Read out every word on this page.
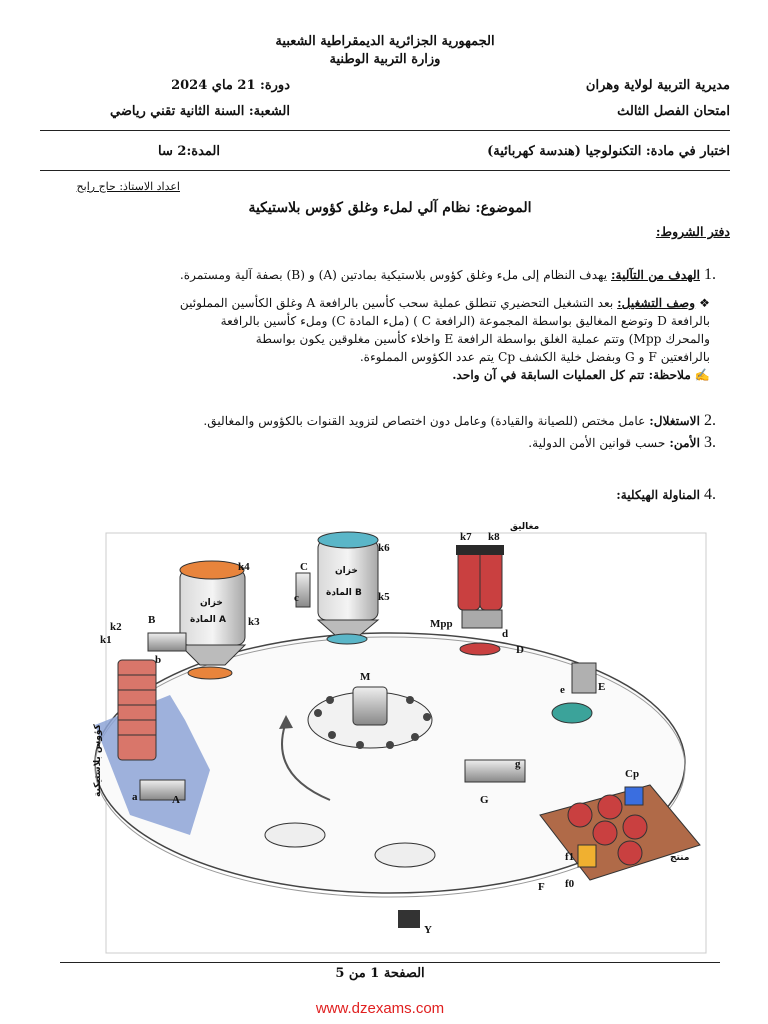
الجمهورية الجزائرية الديمقراطية الشعبية
وزارة التربية الوطنية
مديرية التربية لولاية وهران
دورة: 21 ماي 2024
امتحان الفصل الثالث
الشعبة: السنة الثانية تقني رياضي
اختبار في مادة: التكنولوجيا (هندسة كهربائية)
المدة:2 سا
اعداد الاستاذ: حاج رابح
الموضوع: نظام آلي لملء وغلق كؤوس بلاستيكية
دفتر الشروط:
الهدف من التآلية: يهدف النظام إلى ملء وغلق كؤوس بلاستيكية بمادتين (A) و (B) بصفة آلية ومستمرة.	1.
❖ وصف التشغيل: بعد التشغيل التحضيري تنطلق عملية سحب كأسين بالرافعة A وغلق الكأسين المملوئين
بالرافعة D وتوضع المغاليق بواسطة المجموعة (الرافعة C ) (ملء المادة C) وملء كأسين بالرافعة
والمحرك Mpp) وتتم عملية الغلق بواسطة الرافعة E واخلاء كأسين مغلوقين يكون بواسطة
بالرافعتين F و G وبفضل خلية الكشف Cp يتم عدد الكؤوس المملوءة.
✍ ملاحظة: تتم كل العمليات السابقة في آن واحد.
الاستغلال: عامل مختص (للصيانة والقيادة) وعامل دون اختصاص لتزويد القنوات بالكؤوس والمغاليق.	2.
الأمن: حسب قوانين الأمن الدولية.	3.
المناولة الهيكلية: 4.
M
خزان
المادة A
خزان
المادة B
مغاليق
كؤوس بلاستيكية
منتج
k1
k2	k3
k4
k5
k6
k7 k8
A
a
B
b
C
c
D
d
E
e
F
f1
f0
G
g
Mpp
Cp
Y
الصفحة 1 من 5
www.dzexams.com
